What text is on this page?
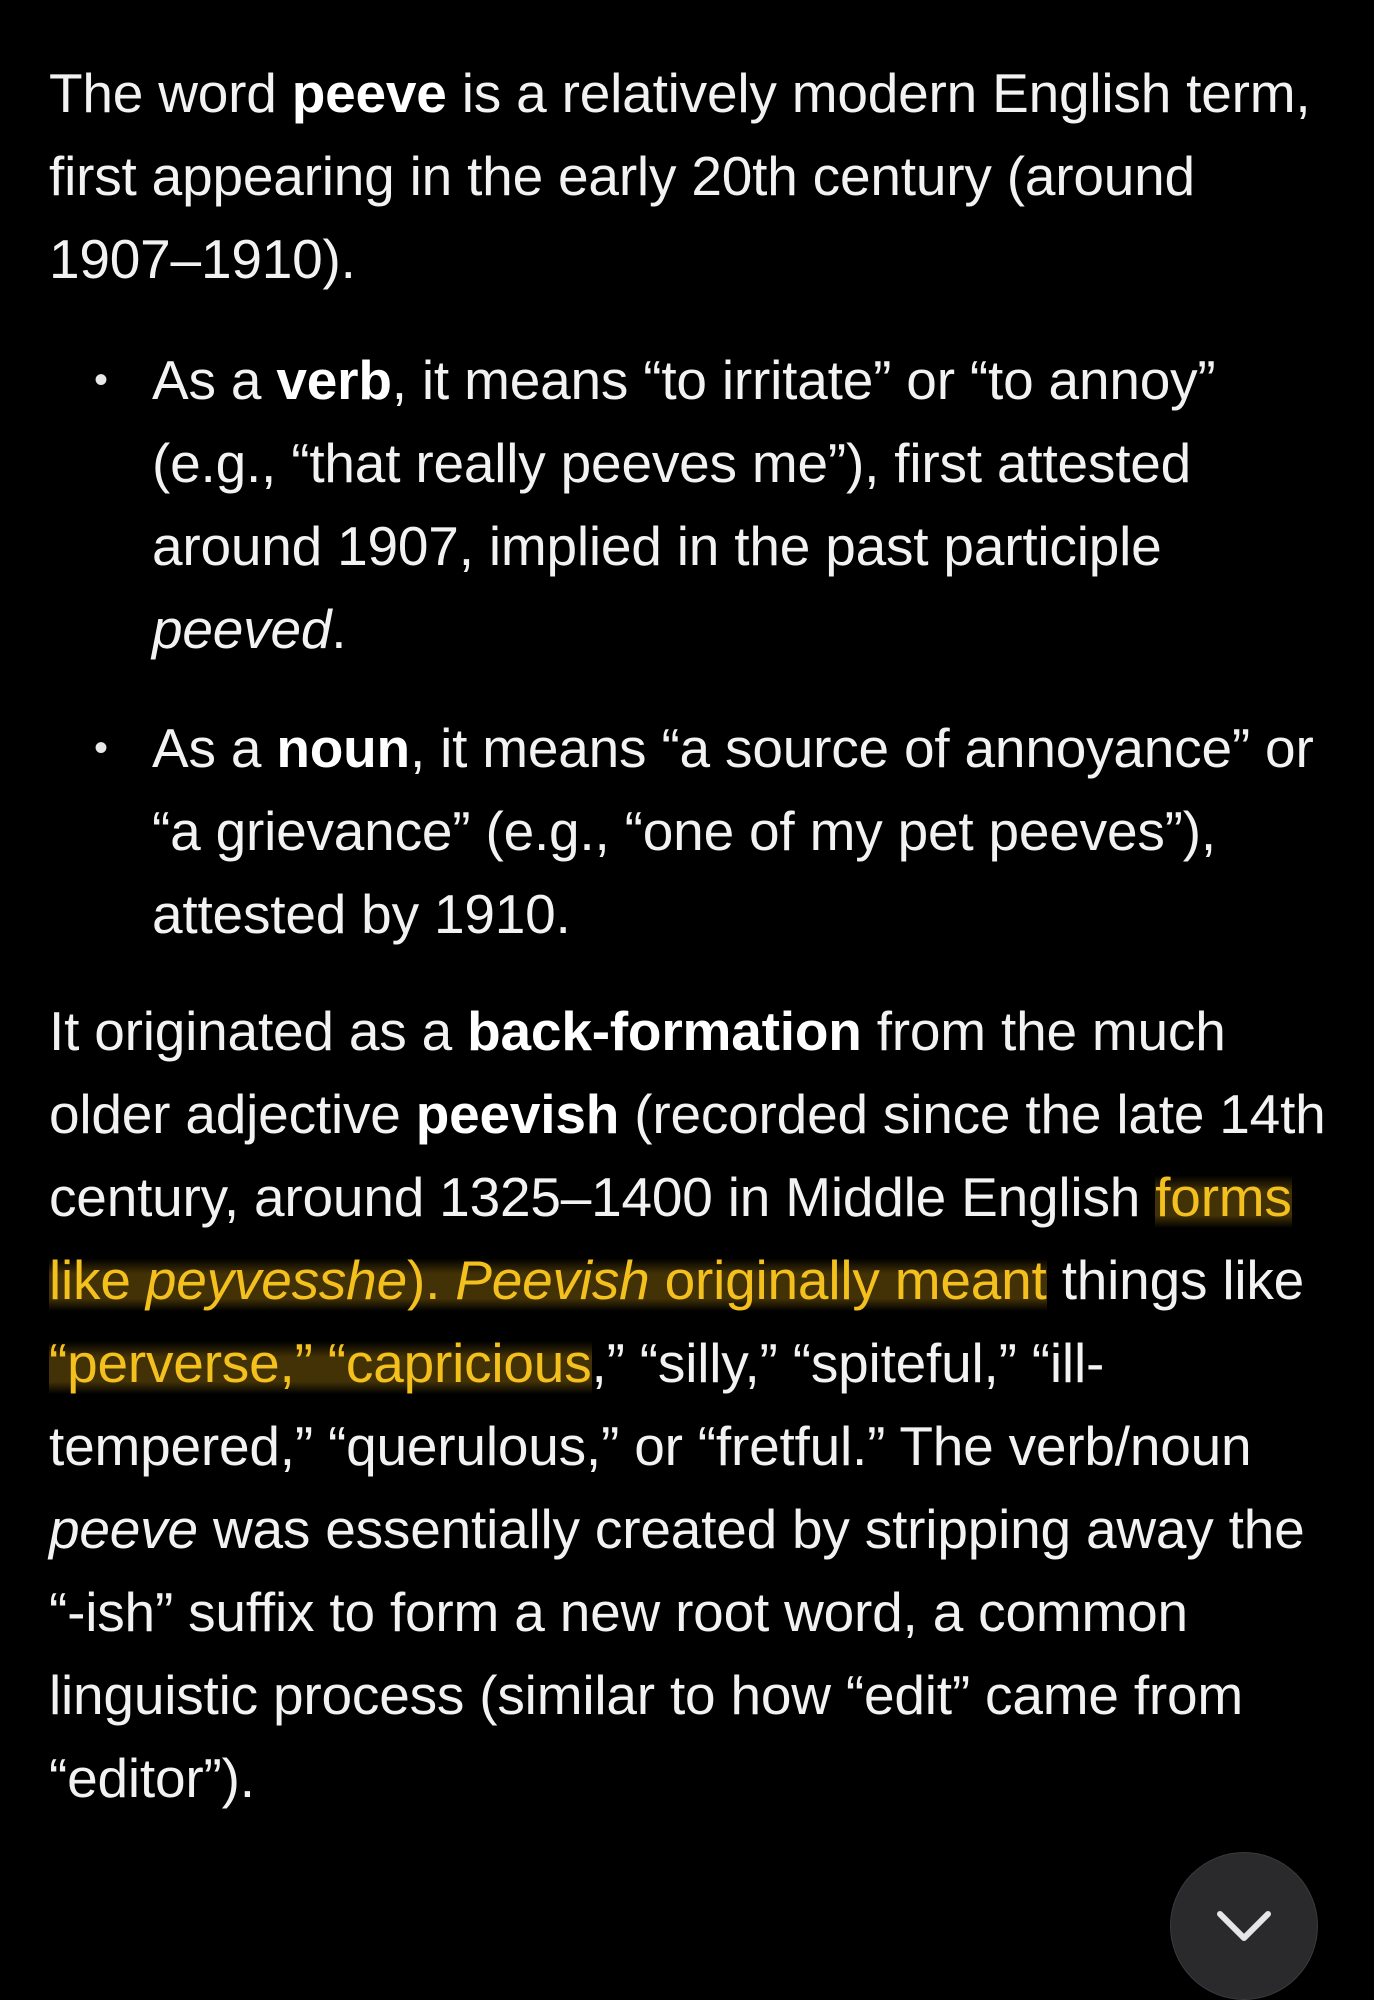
The word peeve is a relatively modern English term, first appearing in the early 20th century (around 1907–1910).

• As a verb, it means “to irritate” or “to annoy” (e.g., “that really peeves me”), first attested around 1907, implied in the past participle peeved.
• As a noun, it means “a source of annoyance” or “a grievance” (e.g., “one of my pet peeves”), attested by 1910.

It originated as a back-formation from the much older adjective peevish (recorded since the late 14th century, around 1325–1400 in Middle English forms like peyvesshe). Peevish originally meant things like “perverse,” “capricious,” “silly,” “spiteful,” “ill-tempered,” “querulous,” or “fretful.” The verb/noun peeve was essentially created by stripping away the “-ish” suffix to form a new root word, a common linguistic process (similar to how “edit” came from “editor”).
